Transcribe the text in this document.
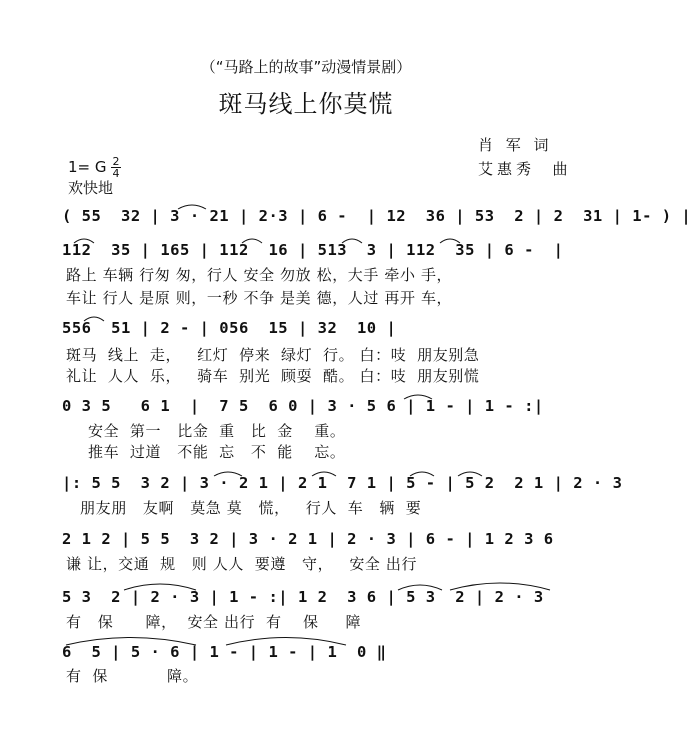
（“马路上的故事”动漫情景剧）
斑马线上你莫慌
肖 军 词
艾惠秀  曲
1= G 2
4
欢快地
( 55  32 | 3 · 21 | 2·3 | 6 -  | 12  36 | 53  2 | 2  31 | 1- ) |
112  35 | 165 | 112  16 | 513  3 | 112  35 | 6 -  |
路上 车辆 行匆 匆，行人 安全 勿放 松，大手 牵小 手，
车让 行人 是原 则，一秒 不争 是美 德，人过 再开 车，
556  51 | 2 - | 056  15 | 32  10 |
斑马  线上  走，   红灯  停来  绿灯  行。 白：吱  朋友别急
礼让  人人  乐，   骑车  别光  顾耍  酷。 白：吱  朋友别慌
0 3 5   6 1  |  7 5  6 0 | 3 · 5 6 | 1 - | 1 - :|
安全  第一   比金  重   比  金    重。
推车  过道   不能  忘   不  能    忘。
|: 5 5  3 2 | 3 · 2 1 | 2 1  7 1 | 5 - | 5 2  2 1 | 2 · 3
朋友朋   友啊   莫急 莫   慌，   行人  车   辆  要
2 1 2 | 5 5  3 2 | 3 · 2 1 | 2 · 3 | 6 - | 1 2 3 6
谦 让，交通  规   则 人人  要遵   守，   安全 出行
5 3  2 | 2 · 3 | 1 - :| 1 2  3 6 | 5 3  2 | 2 · 3
有   保      障，  安全 出行  有    保     障
6  5 | 5 · 6 | 1 - | 1 - | 1  0 ‖
有  保           障。
